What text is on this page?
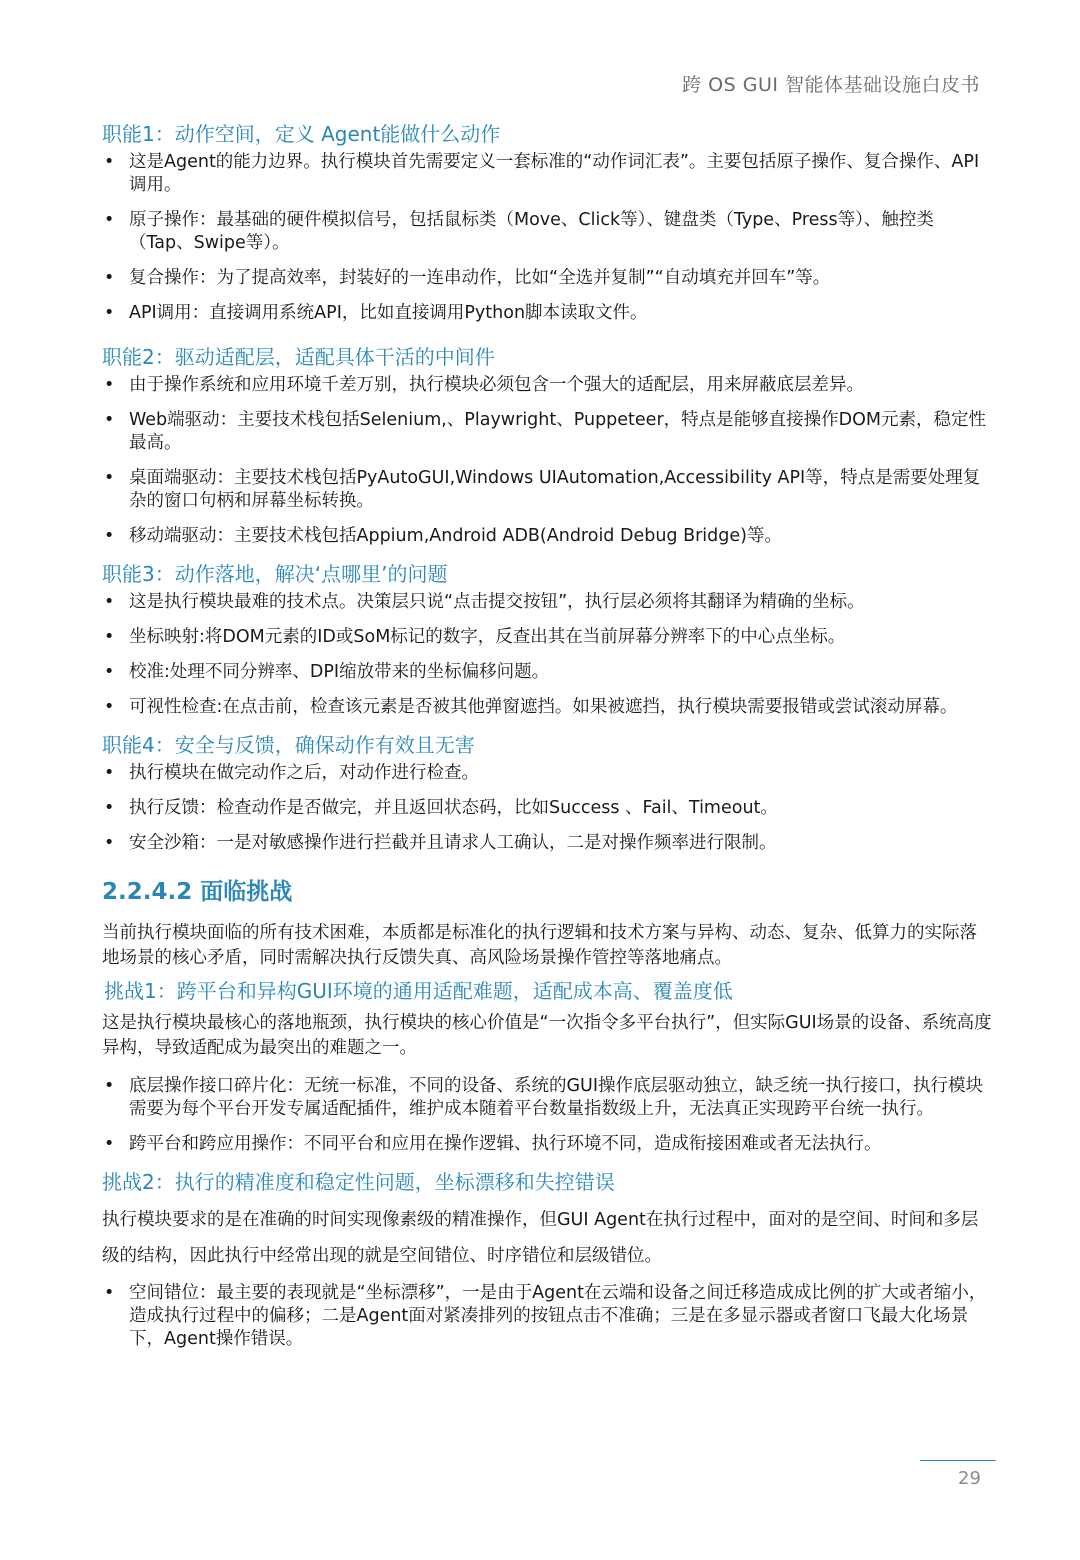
跨 OS GUI 智能体基础设施白皮书
职能1：动作空间，定义 Agent能做什么动作
• 这是Agent的能力边界。执行模块首先需要定义一套标准的“动作词汇表”。主要包括原子操作、复合操作、API调用。
• 原子操作：最基础的硬件模拟信号，包括鼠标类（Move、Click等）、键盘类（Type、Press等）、触控类（Tap、Swipe等）。
• 复合操作：为了提高效率，封装好的一连串动作，比如“全选并复制”“自动填充并回车”等。
• API调用：直接调用系统API，比如直接调用Python脚本读取文件。
职能2：驱动适配层，适配具体干活的中间件
• 由于操作系统和应用环境千差万别，执行模块必须包含一个强大的适配层，用来屏蔽底层差异。
• Web端驱动：主要技术栈包括Selenium,、Playwright、Puppeteer，特点是能够直接操作DOM元素，稳定性最高。
• 桌面端驱动：主要技术栈包括PyAutoGUI,Windows UIAutomation,Accessibility API等，特点是需要处理复杂的窗口句柄和屏幕坐标转换。
• 移动端驱动：主要技术栈包括Appium,Android ADB(Android Debug Bridge)等。
职能3：动作落地，解决‘点哪里’的问题
• 这是执行模块最难的技术点。决策层只说“点击提交按钮”，执行层必须将其翻译为精确的坐标。
• 坐标映射:将DOM元素的ID或SoM标记的数字，反查出其在当前屏幕分辨率下的中心点坐标。
• 校准:处理不同分辨率、DPI缩放带来的坐标偏移问题。
• 可视性检查:在点击前，检查该元素是否被其他弹窗遮挡。如果被遮挡，执行模块需要报错或尝试滚动屏幕。
职能4：安全与反馈，确保动作有效且无害
• 执行模块在做完动作之后，对动作进行检查。
• 执行反馈：检查动作是否做完，并且返回状态码，比如Success 、Fail、Timeout。
• 安全沙箱：一是对敏感操作进行拦截并且请求人工确认，二是对操作频率进行限制。
2.2.4.2 面临挑战

当前执行模块面临的所有技术困难，本质都是标准化的执行逻辑和技术方案与异构、动态、复杂、低算力的实际落地场景的核心矛盾，同时需解决执行反馈失真、高风险场景操作管控等落地痛点。

挑战1：跨平台和异构GUI环境的通用适配难题，适配成本高、覆盖度低

这是执行模块最核心的落地瓶颈，执行模块的核心价值是“一次指令多平台执行”，但实际GUI场景的设备、系统高度异构，导致适配成为最突出的难题之一。

• 底层操作接口碎片化：无统一标准，不同的设备、系统的GUI操作底层驱动独立，缺乏统一执行接口，执行模块需要为每个平台开发专属适配插件，维护成本随着平台数量指数级上升，无法真正实现跨平台统一执行。
• 跨平台和跨应用操作：不同平台和应用在操作逻辑、执行环境不同，造成衔接困难或者无法执行。
挑战2：执行的精准度和稳定性问题，坐标漂移和失控错误

执行模块要求的是在准确的时间实现像素级的精准操作，但GUI Agent在执行过程中，面对的是空间、时间和多层级的结构，因此执行中经常出现的就是空间错位、时序错位和层级错位。

• 空间错位：最主要的表现就是“坐标漂移”，一是由于Agent在云端和设备之间迁移造成成比例的扩大或者缩小，造成执行过程中的偏移；二是Agent面对紧凑排列的按钮点击不准确；三是在多显示器或者窗口飞最大化场景下，Agent操作错误。
29
